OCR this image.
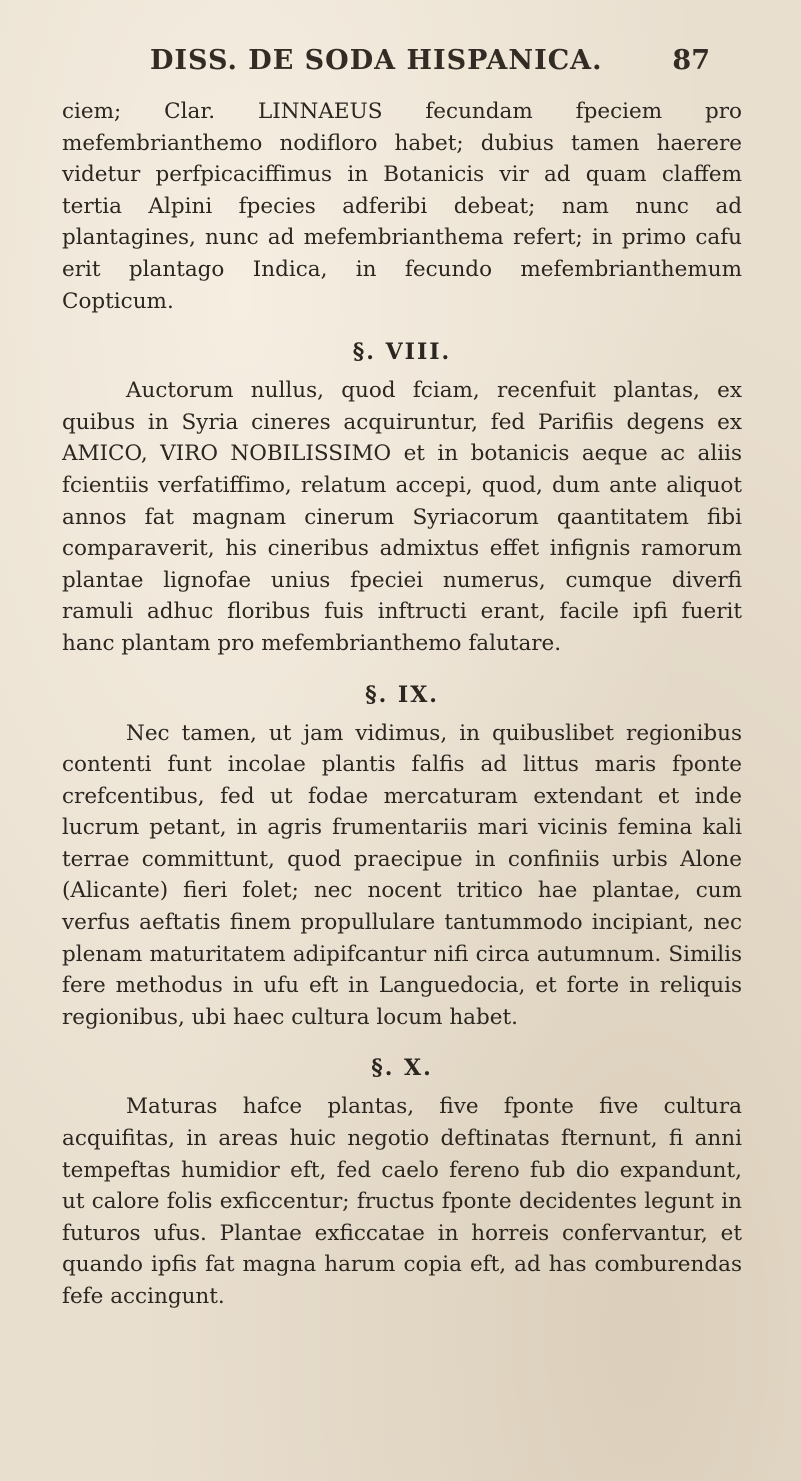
DISS. DE SODA HISPANICA.	87

ciem; Clar. LINNAEUS fecundam fpeciem pro mefembrianthemo nodifloro habet; dubius tamen haerere videtur perfpicaciffimus in Botanicis vir ad quam claffem tertia Alpini fpecies adferibi debeat; nam nunc ad plantagines, nunc ad mefembrianthema refert; in primo cafu erit plantago Indica, in fecundo mefembrianthemum Copticum.

§. VIII.

Auctorum nullus, quod fciam, recenfuit plantas, ex quibus in Syria cineres acquiruntur, fed Parifiis degens ex AMICO, VIRO NOBILISSIMO et in botanicis aeque ac aliis fcientiis verfatiffimo, relatum accepi, quod, dum ante aliquot annos fat magnam cinerum Syriacorum qaantitatem fibi comparaverit, his cineribus admixtus effet infignis ramorum plantae lignofae unius fpeciei numerus, cumque diverfi ramuli adhuc floribus fuis inftructi erant, facile ipfi fuerit hanc plantam pro mefembrianthemo falutare.

§. IX.

Nec tamen, ut jam vidimus, in quibuslibet regionibus contenti funt incolae plantis falfis ad littus maris fponte crefcentibus, fed ut fodae mercaturam extendant et inde lucrum petant, in agris frumentariis mari vicinis femina kali terrae committunt, quod praecipue in confiniis urbis Alone (Alicante) fieri folet; nec nocent tritico hae plantae, cum verfus aeftatis finem propullulare tantummodo incipiant, nec plenam maturitatem adipifcantur nifi circa autumnum. Similis fere methodus in ufu eft in Languedocia, et forte in reliquis regionibus, ubi haec cultura locum habet.

§. X.

Maturas hafce plantas, five fponte five cultura acquifitas, in areas huic negotio deftinatas fternunt, fi anni tempeftas humidior eft, fed caelo fereno fub dio expandunt, ut calore folis exficcentur; fructus fponte decidentes legunt in futuros ufus. Plantae exficcatae in horreis confervantur, et quando ipfis fat magna harum copia eft, ad has comburendas fefe accingunt.
